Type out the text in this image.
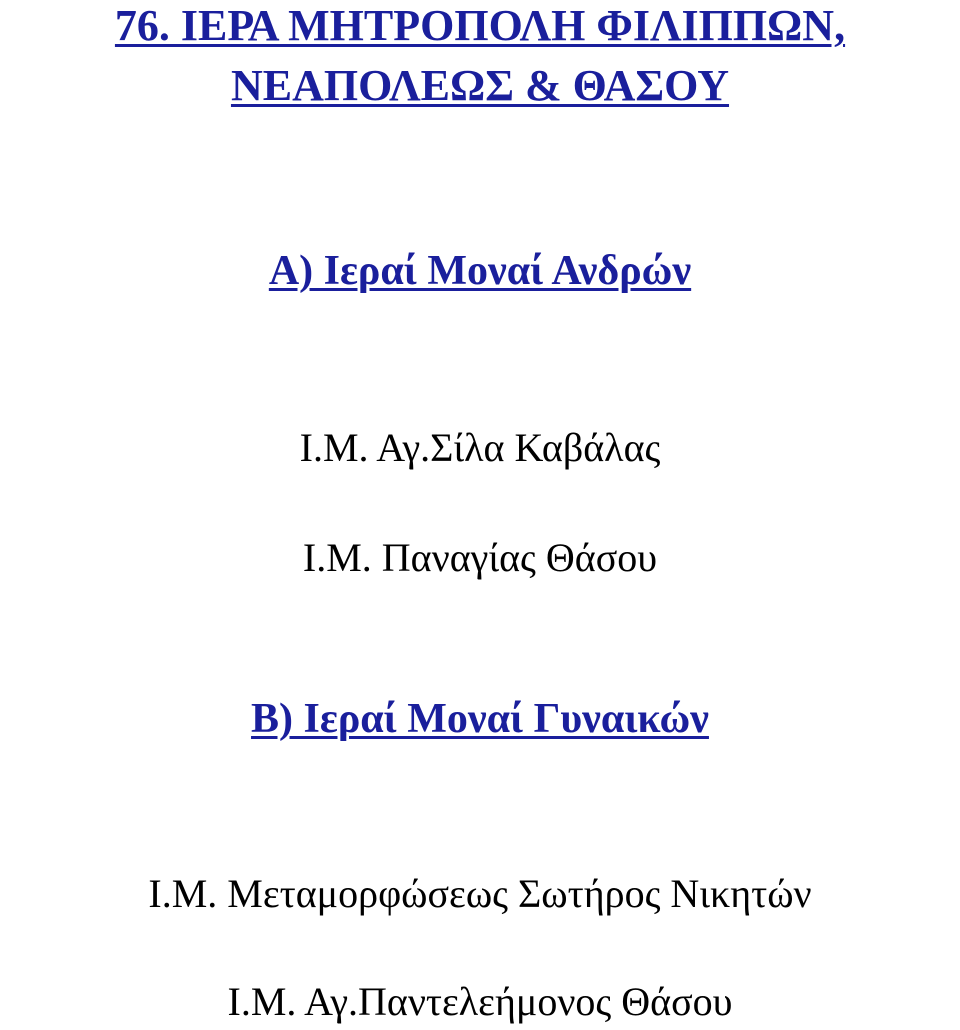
76. ΙΕΡΑ ΜΗΤΡΟΠΟΛΗ ΦΙΛΙΠΠΩΝ,
ΝΕΑΠΟΛΕΩΣ & ΘΑΣΟΥ
Α) Ιεραί Μοναί Ανδρών
Ι.Μ. Αγ.Σίλα Καβάλας
Ι.Μ. Παναγίας Θάσου
Β) Ιεραί Μοναί Γυναικών
Ι.Μ. Μεταμορφώσεως Σωτήρος Νικητών
Ι.Μ. Αγ.Παντελεήμονος Θάσου
